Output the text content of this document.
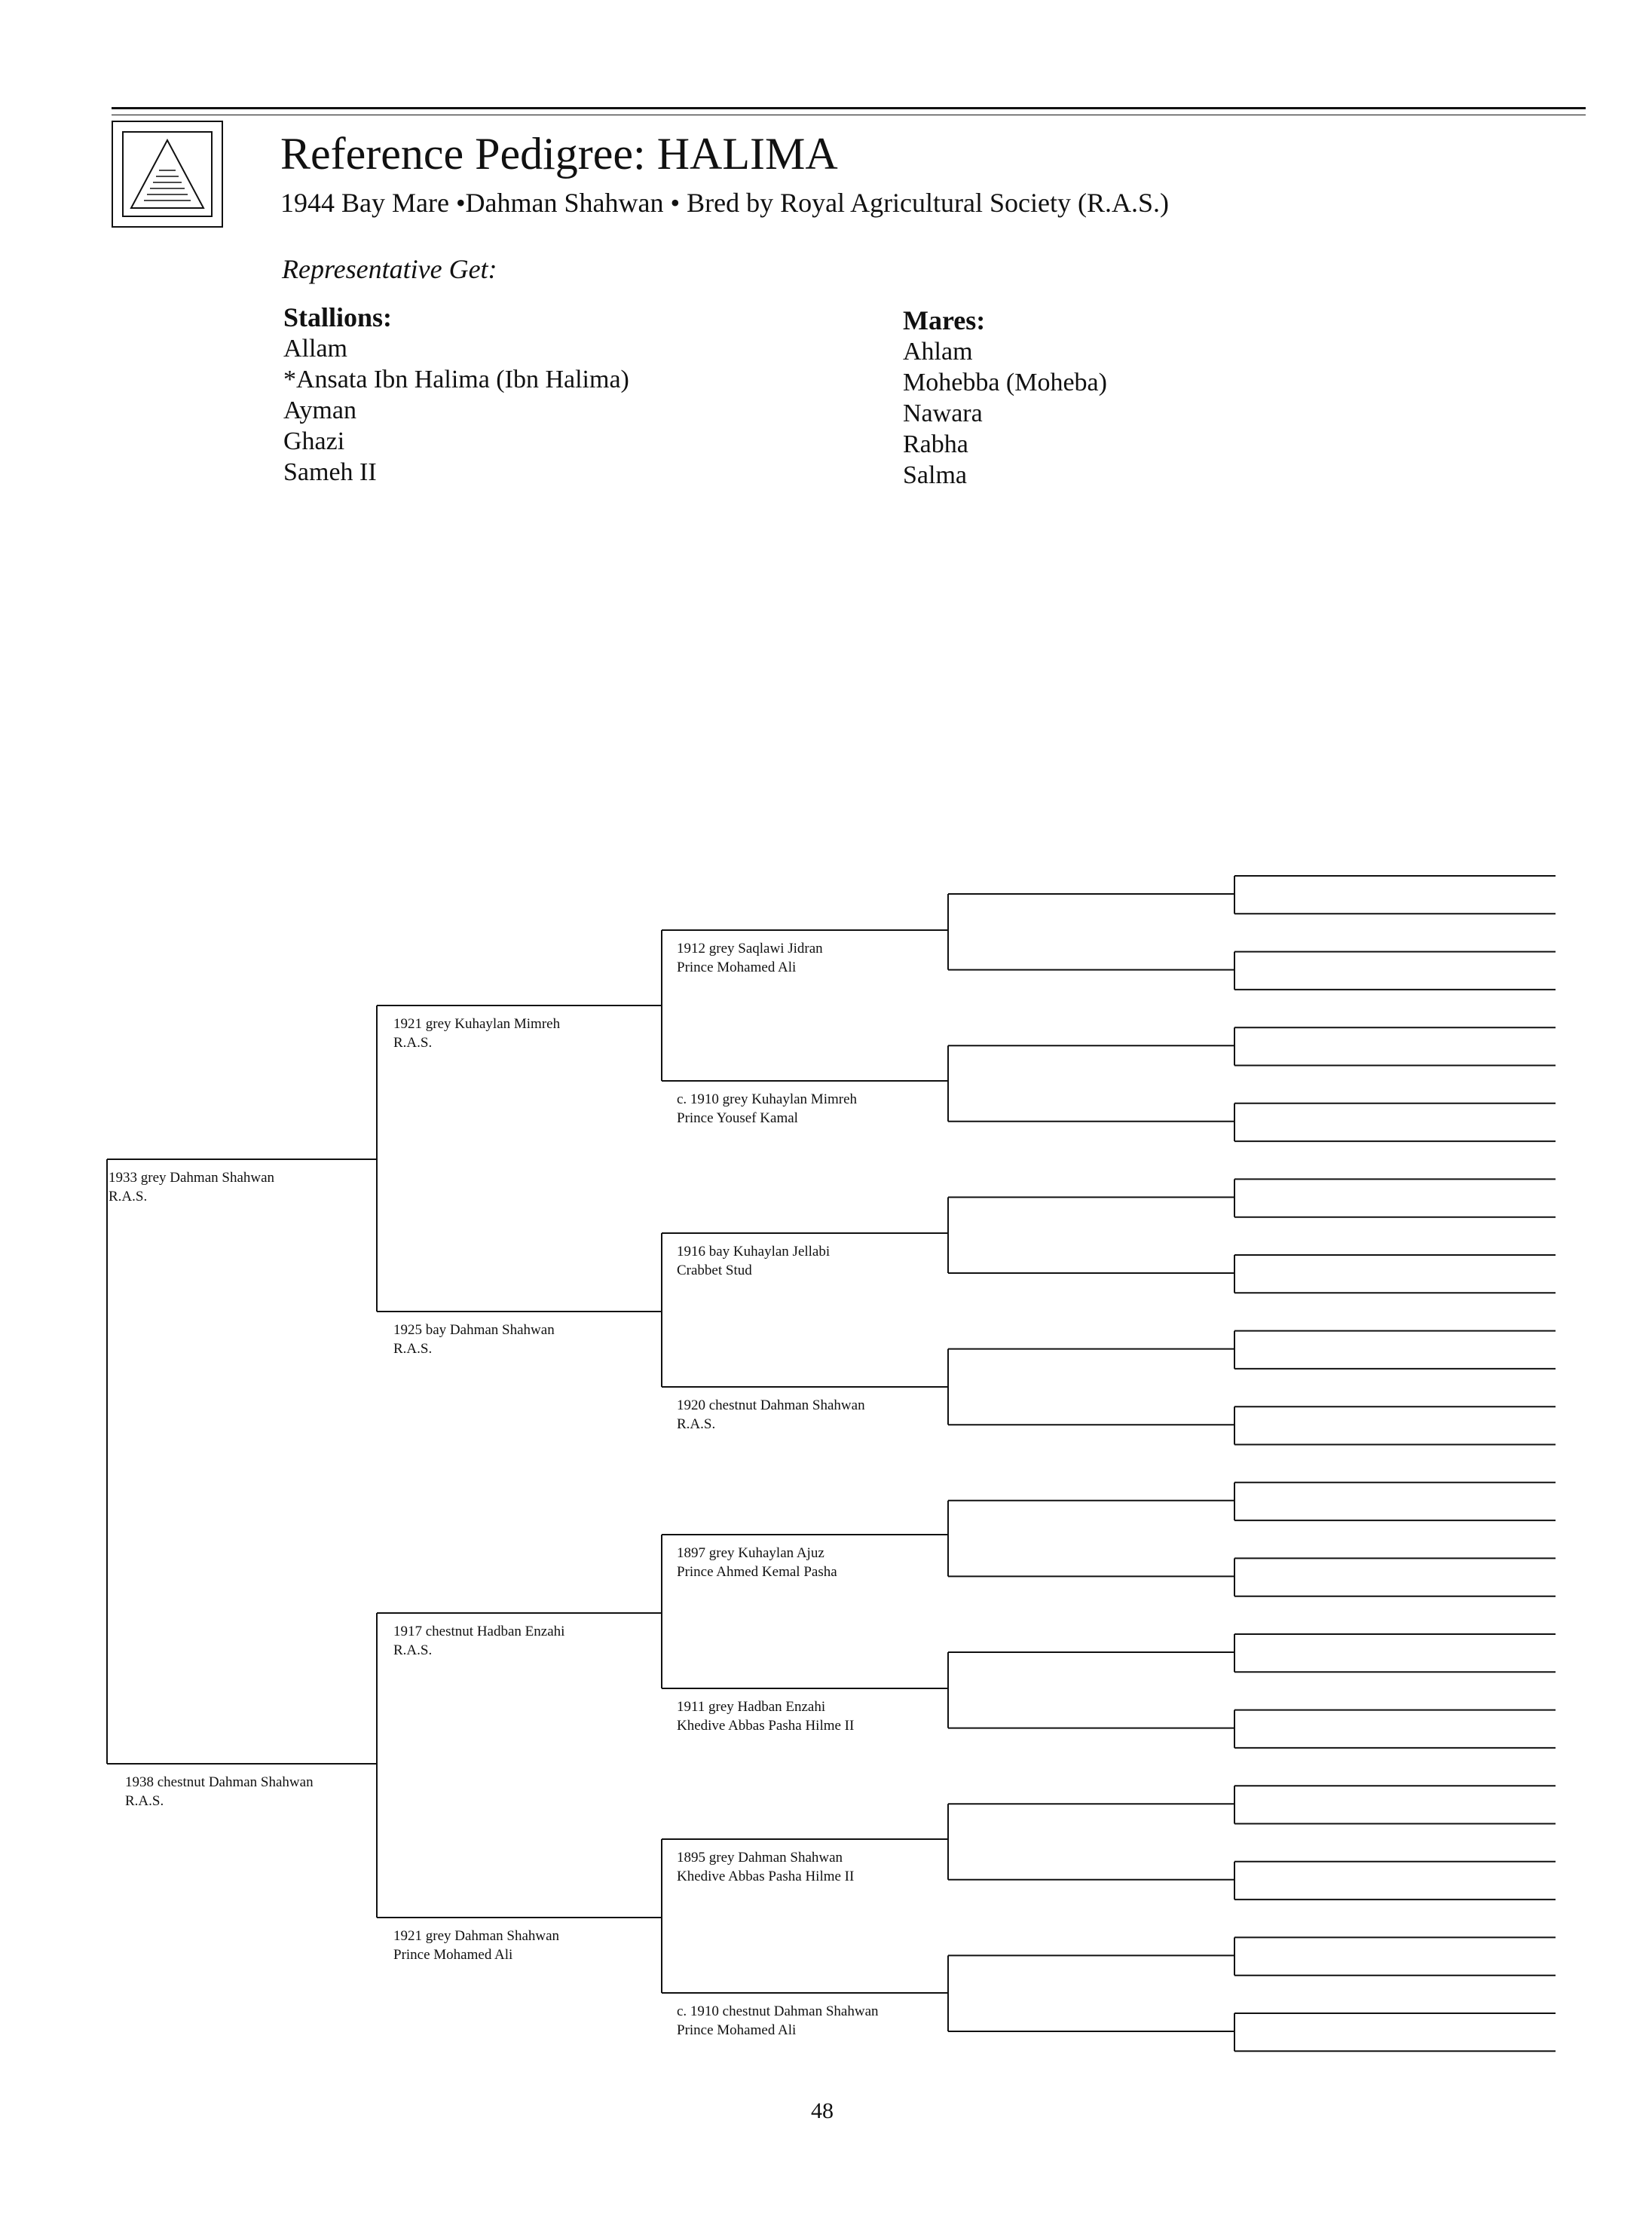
Reference Pedigree: HALIMA
1944 Bay Mare •Dahman Shahwan • Bred by Royal Agricultural Society (R.A.S.)
Representative Get:
Stallions:
Allam
*Ansata Ibn Halima (Ibn Halima)
Ayman
Ghazi
Sameh II
Mares:
Ahlam
Mohebba (Moheba)
Nawara
Rabha
Salma
1933 grey Dahman Shahwan
R.A.S.
1938 chestnut Dahman Shahwan
R.A.S.
1921 grey Kuhaylan Mimreh
R.A.S.
1925 bay Dahman Shahwan
R.A.S.
1917 chestnut Hadban Enzahi
R.A.S.
1921 grey Dahman Shahwan
Prince Mohamed Ali
1912 grey Saqlawi Jidran
Prince Mohamed Ali
c. 1910 grey Kuhaylan Mimreh
Prince Yousef Kamal
1916 bay Kuhaylan Jellabi
Crabbet Stud
1920 chestnut Dahman Shahwan
R.A.S.
1897 grey Kuhaylan Ajuz
Prince Ahmed Kemal Pasha
1911 grey Hadban Enzahi
Khedive Abbas Pasha Hilme II
1895 grey Dahman Shahwan
Khedive Abbas Pasha Hilme II
c. 1910 chestnut Dahman Shahwan
Prince Mohamed Ali
48
